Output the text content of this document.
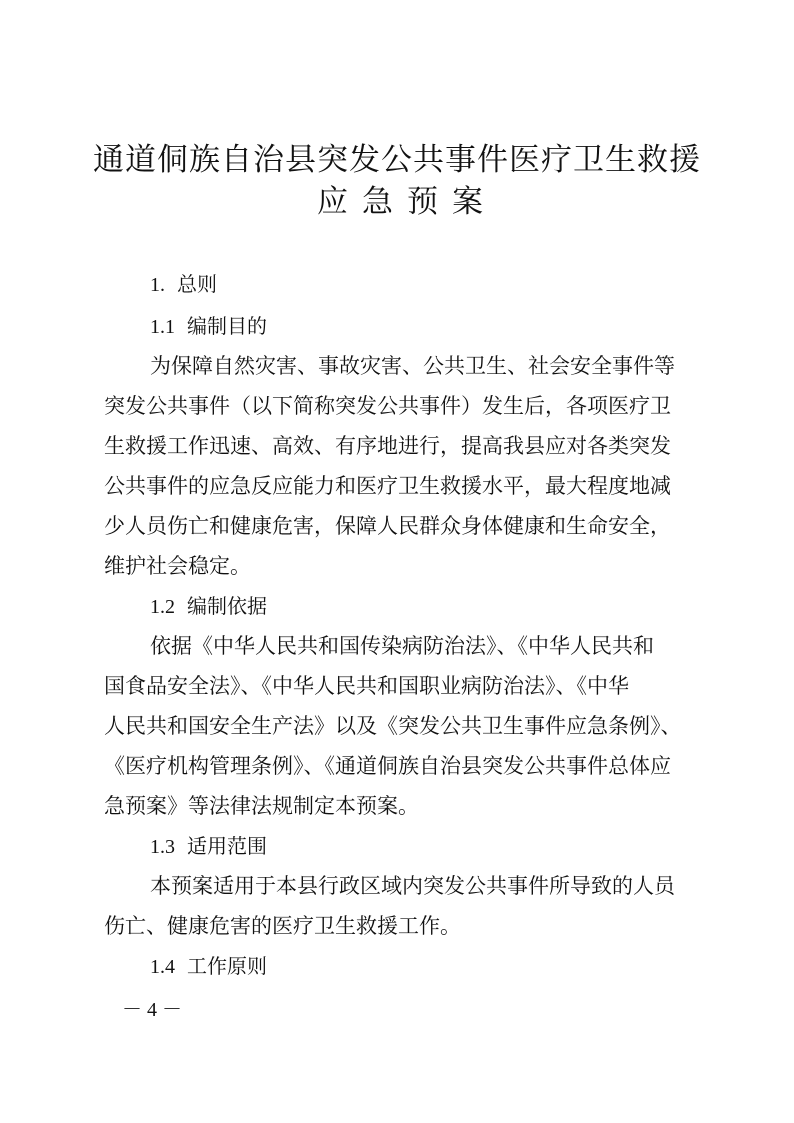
通道侗族自治县突发公共事件医疗卫生救援
应急预案
1. 总则
1.1 编制目的

为保障自然灾害、事故灾害、公共卫生、社会安全事件等

突发公共事件（以下简称突发公共事件）发生后，各项医疗卫

生救援工作迅速、高效、有序地进行，提高我县应对各类突发

公共事件的应急反应能力和医疗卫生救援水平，最大程度地减

少人员伤亡和健康危害，保障人民群众身体健康和生命安全，

维护社会稳定。

1.2 编制依据

依据《中华人民共和国传染病防治法》、《中华人民共和

国食品安全法》、《中华人民共和国职业病防治法》、《中华

人民共和国安全生产法》以及《突发公共卫生事件应急条例》、

《医疗机构管理条例》、《通道侗族自治县突发公共事件总体应

急预案》等法律法规制定本预案。

1.3 适用范围

本预案适用于本县行政区域内突发公共事件所导致的人员

伤亡、健康危害的医疗卫生救援工作。

1.4 工作原则
－ 4 －
